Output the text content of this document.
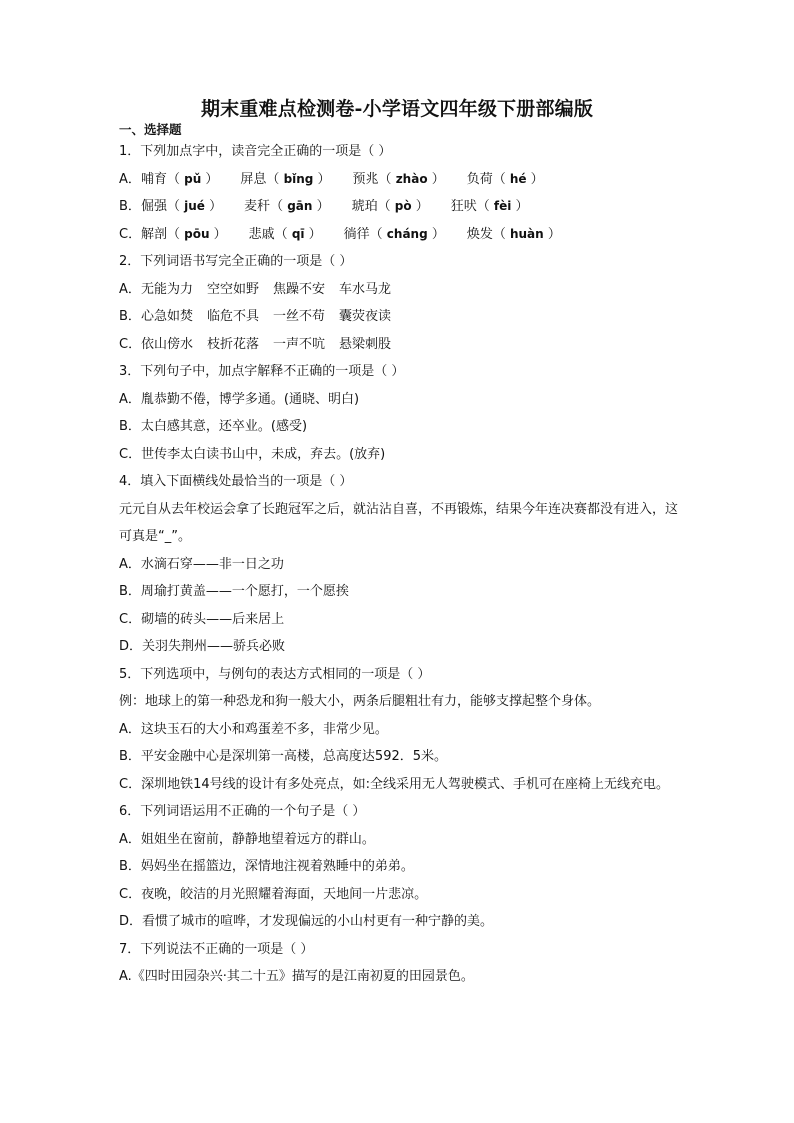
期末重难点检测卷-小学语文四年级下册部编版
一、选择题
1．下列加点字中，读音完全正确的一项是（ ）
A．哺育（ pǔ ） 屏息（ bǐng ） 预兆（ zhào ） 负荷（ hé ）
B．倔强（ jué ） 麦秆（ gān ） 琥珀（ pò ） 狂吠（ fèi ）
C．解剖（ pōu ） 悲戚（ qī ） 徜徉（ cháng ） 焕发（ huàn ）
2．下列词语书写完全正确的一项是（ ）
A．无能为力 空空如野 焦躁不安 车水马龙
B．心急如焚 临危不具 一丝不苟 囊荧夜读
C．依山傍水 枝折花落 一声不吭 悬梁刺股
3．下列句子中，加点字解释不正确的一项是（ ）
A．胤恭勤不倦，博学多通。(通晓、明白)
B．太白感其意，还卒业。(感受)
C．世传李太白读书山中，未成，弃去。(放弃)
4．填入下面横线处最恰当的一项是（ ）
元元自从去年校运会拿了长跑冠军之后，就沾沾自喜，不再锻炼，结果今年连决赛都没有进入，这可真是“_”。
A．水滴石穿——非一日之功
B．周瑜打黄盖——一个愿打，一个愿挨
C．砌墙的砖头——后来居上
D．关羽失荆州——骄兵必败
5．下列选项中，与例句的表达方式相同的一项是（ ）
例：地球上的第一种恐龙和狗一般大小，两条后腿粗壮有力，能够支撑起整个身体。
A．这块玉石的大小和鸡蛋差不多，非常少见。
B．平安金融中心是深圳第一高楼，总高度达592．5米。
C．深圳地铁14号线的设计有多处亮点，如:全线采用无人驾驶模式、手机可在座椅上无线充电。
6．下列词语运用不正确的一个句子是（ ）
A．姐姐坐在窗前，静静地望着远方的群山。
B．妈妈坐在摇篮边，深情地注视着熟睡中的弟弟。
C．夜晚，皎洁的月光照耀着海面，天地间一片悲凉。
D．看惯了城市的喧哗，才发现偏远的小山村更有一种宁静的美。
7．下列说法不正确的一项是（ ）
A.《四时田园杂兴·其二十五》描写的是江南初夏的田园景色。
